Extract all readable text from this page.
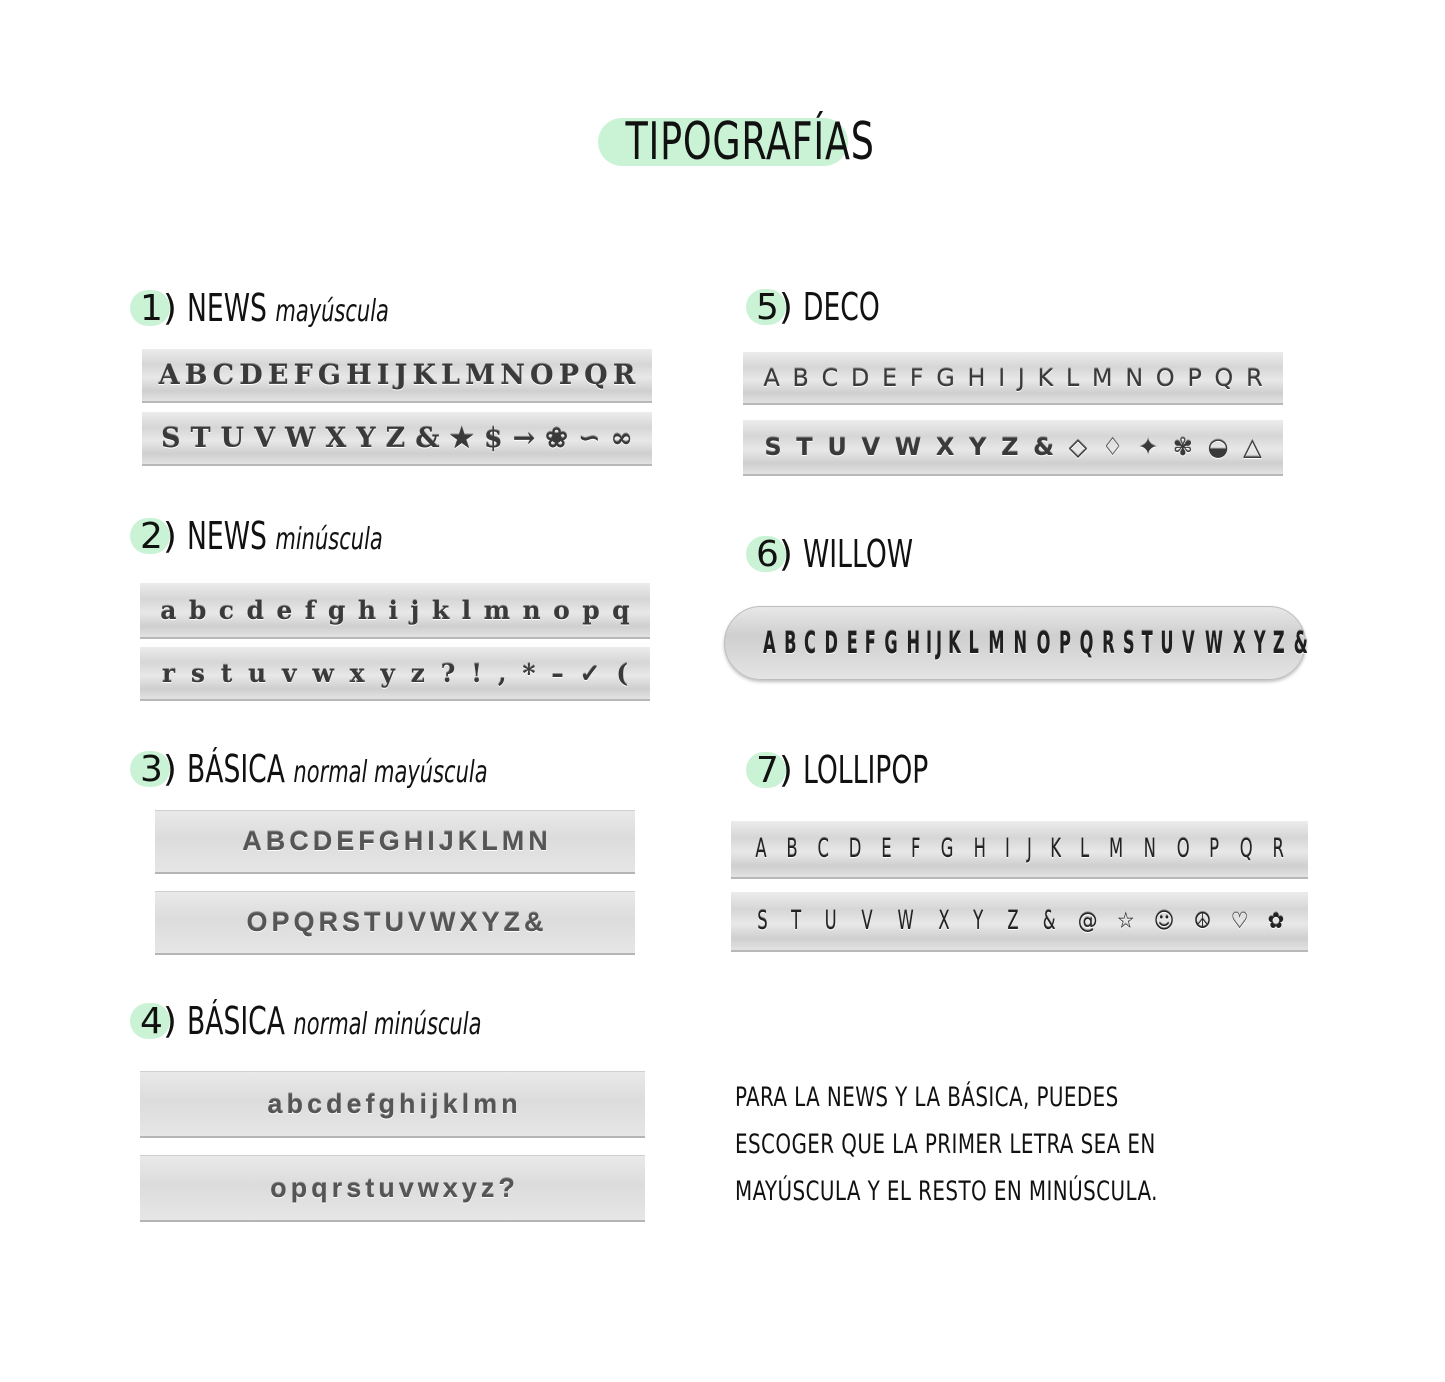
TIPOGRAFÍAS
1) NEWS mayúscula
A B C D E F G H I J K L M N O P Q R
S T U V W X Y Z & ★ $ → ❀ ∽ ∞
2) NEWS minúscula
a b c d e f g h i j k l m n o p q
r s t u v w x y z ? ! , * – ✓ (
3) BÁSICA normal mayúscula
A B C D E F G H I J K L M N
O P Q R S T U V W X Y Z &
4) BÁSICA normal minúscula
a b c d e f g h i j k l m n
o p q r s t u v w x y z ?
5) DECO
A B C D E F G H I J K L M N O P Q R
S T U V W X Y Z & ◇ ♢ ✦ ✾ ◒ △
6) WILLOW
A B C D E F G H I J K L M N O P Q R S T U V W X Y Z &
7) LOLLIPOP
A B C D E F G H I J K L M N O P Q R
S T U V W X Y Z & @ ☆ ☺ ☮ ♡ ✿
PARA LA NEWS Y LA BÁSICA, PUEDES
ESCOGER QUE LA PRIMER LETRA SEA EN
MAYÚSCULA Y EL RESTO EN MINÚSCULA.
